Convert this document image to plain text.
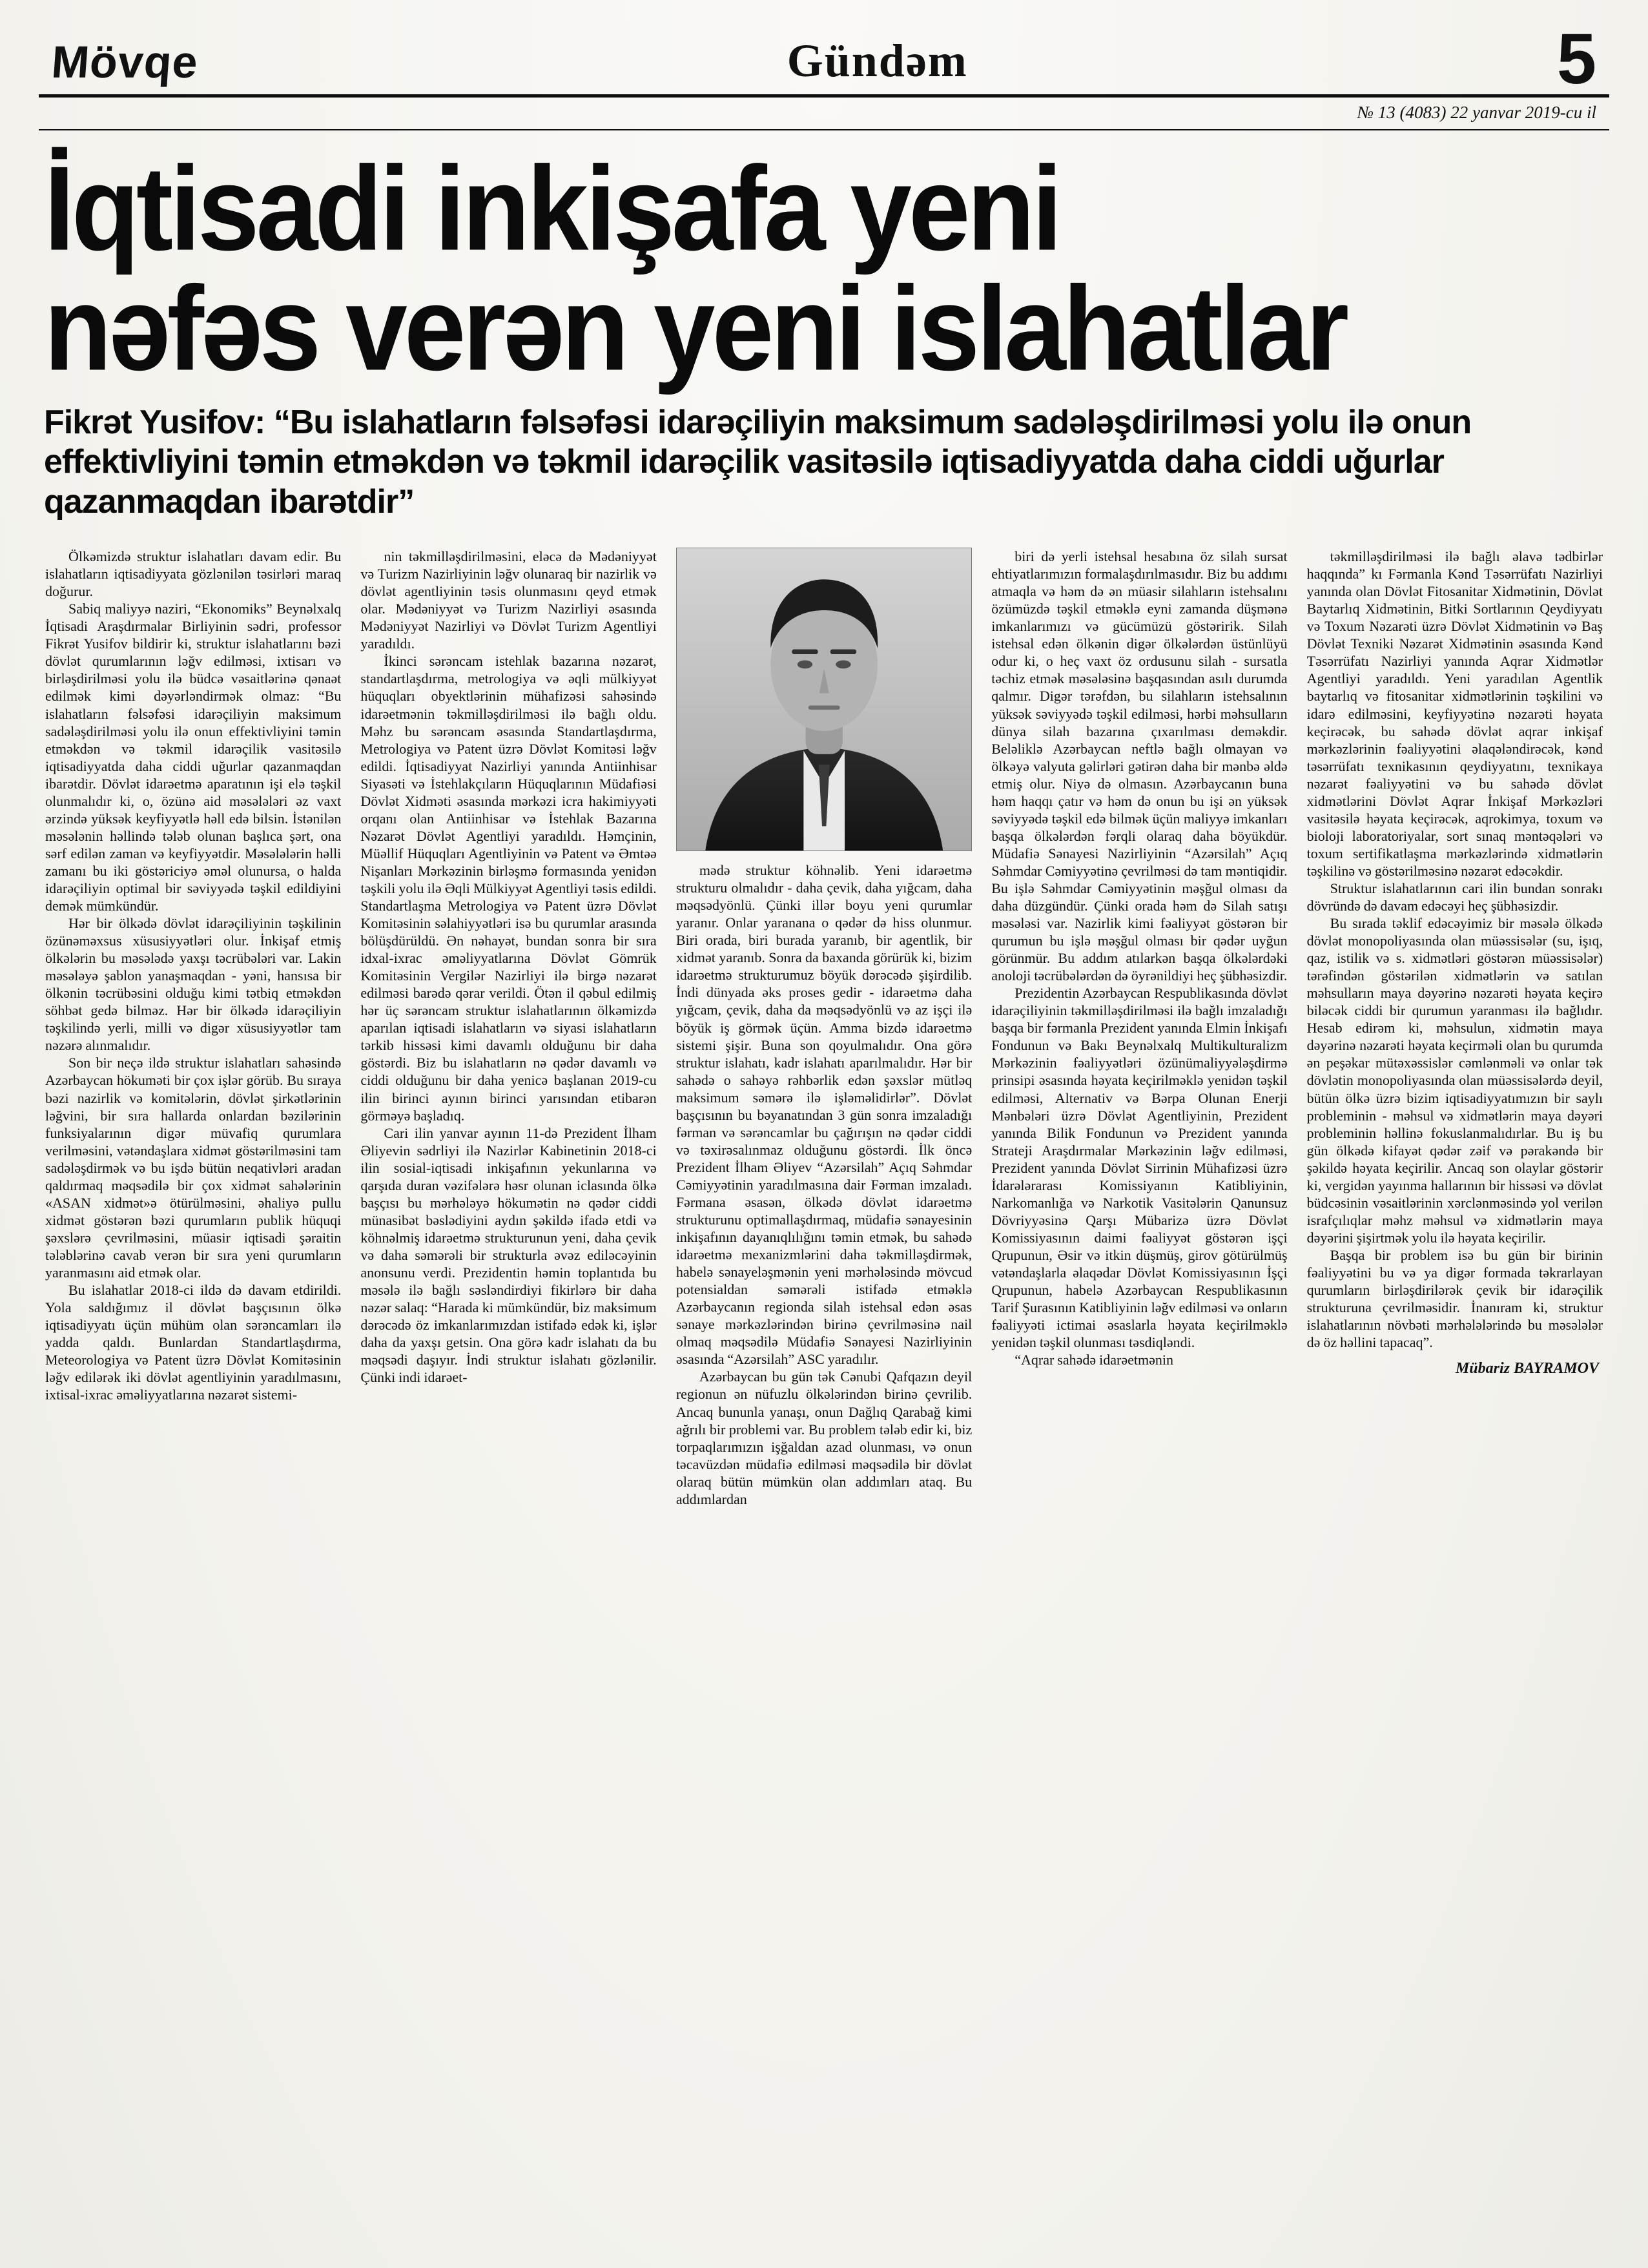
Mövqe	Gündəm	5
№ 13 (4083) 22 yanvar 2019-cu il
İqtisadi inkişafa yeni
nəfəs verən yeni islahatlar
Fikrət Yusifov: “Bu islahatların fəlsəfəsi idarəçiliyin maksimum sadələşdirilməsi yolu ilə onun effektivliyini təmin etməkdən və təkmil idarəçilik vasitəsilə iqtisadiyyatda daha ciddi uğurlar qazanmaqdan ibarətdir”

Ölkəmizdə struktur islahatları davam edir. Bu islahatların iqtisadiyyata gözlənilən təsirləri maraq doğurur.

Sabiq maliyyə naziri, “Ekonomiks” Beynəlxalq İqtisadi Araşdırmalar Birliyinin sədri, professor Fikrət Yusifov bildirir ki, struktur islahatlarını bəzi dövlət qurumlarının ləğv edilməsi, ixtisarı və birləşdirilməsi yolu ilə büdcə vəsaitlərinə qənaət edilmək kimi dəyərləndirmək olmaz: “Bu islahatların fəlsəfəsi idarəçiliyin maksimum sadələşdirilməsi yolu ilə onun effektivliyini təmin etməkdən və təkmil idarəçilik vasitəsilə iqtisadiyyatda daha ciddi uğurlar qazanmaqdan ibarətdir. Dövlət idarəetmə aparatının işi elə təşkil olunmalıdır ki, o, özünə aid məsələləri əz vaxt ərzində yüksək keyfiyyətlə həll edə bilsin. İstənilən məsələnin həllində tələb olunan başlıca şərt, ona sərf edilən zaman və keyfiyyətdir. Məsələlərin həlli zamanı bu iki göstəriciyə əməl olunursa, o halda idarəçiliyin optimal bir səviyyədə təşkil edildiyini demək mümkündür.

Hər bir ölkədə dövlət idarəçiliyinin təşkilinin özünəməxsus xüsusiyyətləri olur. İnkişaf etmiş ölkələrin bu məsələdə yaxşı təcrübələri var. Lakin məsələyə şablon yanaşmaqdan - yəni, hansısa bir ölkənin təcrübəsini olduğu kimi tətbiq etməkdən söhbət gedə bilməz. Hər bir ölkədə idarəçiliyin təşkilində yerli, milli və digər xüsusiyyətlər tam nəzərə alınmalıdır.

Son bir neçə ildə struktur islahatları sahəsində Azərbaycan hökuməti bir çox işlər görüb. Bu sıraya bəzi nazirlik və komitələrin, dövlət şirkətlərinin ləğvini, bir sıra hallarda onlardan bəzilərinin funksiyalarının digər müvafiq qurumlara verilməsini, vətəndaşlara xidmət göstərilməsini tam sadələşdirmək və bu işdə bütün neqativləri aradan qaldırmaq məqsədilə bir çox xidmət sahələrinin «ASAN xidmət»ə ötürülməsini, əhaliyə pullu xidmət göstərən bəzi qurumların publik hüquqi şəxslərə çevrilməsini, müasir iqtisadi şəraitin tələblərinə cavab verən bir sıra yeni qurumların yaranmasını aid etmək olar.

Bu islahatlar 2018-ci ildə də davam etdirildi. Yola saldığımız il dövlət başçısının ölkə iqtisadiyyatı üçün mühüm olan sərəncamları ilə yadda qaldı. Bunlardan Standartlaşdırma, Meteorologiya və Patent üzrə Dövlət Komitəsinin ləğv edilərək iki dövlət agentliyinin yaradılmasını, ixtisal-ixrac əməliyyatlarına nəzarət sistemi-

nin təkmilləşdirilməsini, eləcə də Mədəniyyət və Turizm Nazirliyinin ləğv olunaraq bir nazirlik və dövlət agentliyinin təsis olunmasını qeyd etmək olar. Mədəniyyət və Turizm Nazirliyi əsasında Mədəniyyət Nazirliyi və Dövlət Turizm Agentliyi yaradıldı.

İkinci sərəncam istehlak bazarına nəzarət, standartlaşdırma, metrologiya və əqli mülkiyyət hüquqları obyektlərinin mühafizəsi sahəsində idarəetmənin təkmilləşdirilməsi ilə bağlı oldu. Məhz bu sərəncam əsasında Standartlaşdırma, Metrologiya və Patent üzrə Dövlət Komitəsi ləğv edildi. İqtisadiyyat Nazirliyi yanında Antiinhisar Siyasəti və İstehlakçıların Hüquqlarının Müdafiəsi Dövlət Xidməti əsasında mərkəzi icra hakimiyyəti orqanı olan Antiinhisar və İstehlak Bazarına Nəzarət Dövlət Agentliyi yaradıldı. Həmçinin, Müəllif Hüquqları Agentliyinin və Patent və Əmtəə Nişanları Mərkəzinin birləşmə formasında yenidən təşkili yolu ilə Əqli Mülkiyyət Agentliyi təsis edildi. Standartlaşma Metrologiya və Patent üzrə Dövlət Komitəsinin səlahiyyətləri isə bu qurumlar arasında bölüşdürüldü. Ən nəhayət, bundan sonra bir sıra idxal-ixrac əməliyyatlarına Dövlət Gömrük Komitəsinin Vergilər Nazirliyi ilə birgə nəzarət edilməsi barədə qərar verildi. Ötən il qəbul edilmiş hər üç sərəncam struktur islahatlarının ölkəmizdə aparılan iqtisadi islahatların və siyasi islahatların tərkib hissəsi kimi davamlı olduğunu bir daha göstərdi. Biz bu islahatların nə qədər davamlı və ciddi olduğunu bir daha yenicə başlanan 2019-cu ilin birinci ayının birinci yarısından etibarən görməyə başladıq.

Cari ilin yanvar ayının 11-də Prezident İlham Əliyevin sədrliyi ilə Nazirlər Kabinetinin 2018-ci ilin sosial-iqtisadi inkişafının yekunlarına və qarşıda duran vəzifələrə həsr olunan iclasında ölkə başçısı bu mərhələyə hökumətin nə qədər ciddi münasibət bəslədiyini aydın şəkildə ifadə etdi və köhnəlmiş idarəetmə strukturunun yeni, daha çevik və daha səmərəli bir strukturla əvəz ediləcəyinin anonsunu verdi. Prezidentin həmin toplantıda bu məsələ ilə bağlı səsləndirdiyi fikirlərə bir daha nəzər salaq: “Harada ki mümkündür, biz maksimum dərəcədə öz imkanlarımızdan istifadə edək ki, işlər daha da yaxşı getsin. Ona görə kadr islahatı da bu məqsədi daşıyır. İndi struktur islahatı gözlənilir. Çünki indi idarəet-

mədə struktur köhnəlib. Yeni idarəetmə strukturu olmalıdır - daha çevik, daha yığcam, daha məqsədyönlü. Çünki illər boyu yeni qurumlar yaranır. Onlar yaranana o qədər də hiss olunmur. Biri orada, biri burada yaranıb, bir agentlik, bir xidmət yaranıb. Sonra da baxanda görürük ki, bizim idarəetmə strukturumuz böyük dərəcədə şişirdilib. İndi dünyada əks proses gedir - idarəetmə daha yığcam, çevik, daha da məqsədyönlü və az işçi ilə böyük iş görmək üçün. Amma bizdə idarəetmə sistemi şişir. Buna son qoyulmalıdır. Ona görə struktur islahatı, kadr islahatı aparılmalıdır. Hər bir sahədə o sahəyə rəhbərlik edən şəxslər mütləq maksimum səmərə ilə işləməlidirlər”. Dövlət başçısının bu bəyanatından 3 gün sonra imzaladığı fərman və sərəncamlar bu çağırışın nə qədər ciddi və təxirəsalınmaz olduğunu göstərdi. İlk öncə Prezident İlham Əliyev “Azərsilah” Açıq Səhmdar Cəmiyyətinin yaradılmasına dair Fərman imzaladı. Fərmana əsasən, ölkədə dövlət idarəetmə strukturunu optimallaşdırmaq, müdafiə sənayesinin inkişafının dayanıqlılığını təmin etmək, bu sahədə idarəetmə mexanizmlərini daha təkmilləşdirmək, habelə sənayeləşmənin yeni mərhələsində mövcud potensialdan səmərəli istifadə etməklə Azərbaycanın regionda silah istehsal edən əsas sənaye mərkəzlərindən birinə çevrilməsinə nail olmaq məqsədilə Müdafiə Sənayesi Nazirliyinin əsasında “Azərsilah” ASC yaradılır.

Azərbaycan bu gün tək Cənubi Qafqazın deyil regionun ən nüfuzlu ölkələrindən birinə çevrilib. Ancaq bununla yanaşı, onun Dağlıq Qarabağ kimi ağrılı bir problemi var. Bu problem tələb edir ki, biz torpaqlarımızın işğaldan azad olunması, və onun təcavüzdən müdafiə edilməsi məqsədilə bir dövlət olaraq bütün mümkün olan addımları ataq. Bu addımlardan

biri də yerli istehsal hesabına öz silah sursat ehtiyatlarımızın formalaşdırılmasıdır. Biz bu addımı atmaqla və həm də ən müasir silahların istehsalını özümüzdə təşkil etməklə eyni zamanda düşmənə imkanlarımızı və gücümüzü göstəririk. Silah istehsal edən ölkənin digər ölkələrdən üstünlüyü odur ki, o heç vaxt öz ordusunu silah - sursatla təchiz etmək məsələsinə başqasından asılı durumda qalmır. Digər tərəfdən, bu silahların istehsalının yüksək səviyyədə təşkil edilməsi, hərbi məhsulların dünya silah bazarına çıxarılması deməkdir. Beləliklə Azərbaycan neftlə bağlı olmayan və ölkəyə valyuta gəlirləri gətirən daha bir mənbə əldə etmiş olur. Niyə də olmasın. Azərbaycanın buna həm haqqı çatır və həm də onun bu işi ən yüksək səviyyədə təşkil edə bilmək üçün maliyyə imkanları başqa ölkələrdən fərqli olaraq daha böyükdür. Müdafiə Sənayesi Nazirliyinin “Azərsilah” Açıq Səhmdar Cəmiyyətinə çevrilməsi də tam məntiqidir. Bu işlə Səhmdar Cəmiyyətinin məşğul olması da daha düzgündür. Çünki orada həm də Silah satışı məsələsi var. Nazirlik kimi fəaliyyət göstərən bir qurumun bu işlə məşğul olması bir qədər uyğun görünmür. Bu addım atılarkən başqa ölkələrdəki anoloji təcrübələrdən də öyrənildiyi heç şübhəsizdir.

Prezidentin Azərbaycan Respublikasında dövlət idarəçiliyinin təkmilləşdirilməsi ilə bağlı imzaladığı başqa bir fərmanla Prezident yanında Elmin İnkişafı Fondunun və Bakı Beynəlxalq Multikulturalizm Mərkəzinin fəaliyyətləri özünümaliyyələşdirmə prinsipi əsasında həyata keçirilməklə yenidən təşkil edilməsi, Alternativ və Bərpa Olunan Enerji Mənbələri üzrə Dövlət Agentliyinin, Prezident yanında Bilik Fondunun və Prezident yanında Strateji Araşdırmalar Mərkəzinin ləğv edilməsi, Prezident yanında Dövlət Sirrinin Mühafizəsi üzrə İdarələrarası Komissiyanın Katibliyinin, Narkomanlığa və Narkotik Vasitələrin Qanunsuz Dövriyyəsinə Qarşı Mübarizə üzrə Dövlət Komissiyasının daimi fəaliyyət göstərən işçi Qrupunun, Əsir və itkin düşmüş, girov götürülmüş vətəndaşlarla əlaqədar Dövlət Komissiyasının İşçi Qrupunun, habelə Azərbaycan Respublikasının Tarif Şurasının Katibliyinin ləğv edilməsi və onların fəaliyyəti ictimai əsaslarla həyata keçirilməklə yenidən təşkil olunması təsdiqləndi.

“Aqrar sahədə idarəetmənin

təkmilləşdirilməsi ilə bağlı əlavə tədbirlər haqqında” kı Fərmanla Kənd Təsərrüfatı Nazirliyi yanında olan Dövlət Fitosanitar Xidmətinin, Dövlət Baytarlıq Xidmətinin, Bitki Sortlarının Qeydiyyatı və Toxum Nəzarəti üzrə Dövlət Xidmətinin və Baş Dövlət Texniki Nəzarət Xidmətinin əsasında Kənd Təsərrüfatı Nazirliyi yanında Aqrar Xidmətlər Agentliyi yaradıldı. Yeni yaradılan Agentlik baytarlıq və fitosanitar xidmətlərinin təşkilini və idarə edilməsini, keyfiyyətinə nəzarəti həyata keçirəcək, bu sahədə dövlət aqrar inkişaf mərkəzlərinin fəaliyyətini əlaqələndirəcək, kənd təsərrüfatı texnikasının qeydiyyatını, texnikaya nəzarət fəaliyyətini və bu sahədə dövlət xidmətlərini Dövlət Aqrar İnkişaf Mərkəzləri vasitəsilə həyata keçirəcək, aqrokimya, toxum və bioloji laboratoriyalar, sort sınaq məntəqələri və toxum sertifikatlaşma mərkəzlərində xidmətlərin təşkilinə və göstərilməsinə nəzarət edəcəkdir.

Struktur islahatlarının cari ilin bundan sonrakı dövründə də davam edəcəyi heç şübhəsizdir.

Bu sırada təklif edəcəyimiz bir məsələ ölkədə dövlət monopoliyasında olan müəssisələr (su, işıq, qaz, istilik və s. xidmətləri göstərən müəssisələr) tərəfindən göstərilən xidmətlərin və satılan məhsulların maya dəyərinə nəzarəti həyata keçirə biləcək ciddi bir qurumun yaranması ilə bağlıdır. Hesab edirəm ki, məhsulun, xidmətin maya dəyərinə nəzarəti həyata keçirməli olan bu qurumda ən peşəkar mütəxəssislər cəmlənməli və onlar tək dövlətin monopoliyasında olan müəssisələrdə deyil, bütün ölkə üzrə bizim iqtisadiyyatımızın bir saylı probleminin - məhsul və xidmətlərin maya dəyəri probleminin həllinə fokuslanmalıdırlar. Bu iş bu gün ölkədə kifayət qədər zəif və pərakəndə bir şəkildə həyata keçirilir. Ancaq son olaylar göstərir ki, vergidən yayınma hallarının bir hissəsi və dövlət büdcəsinin vəsaitlərinin xərclənməsində yol verilən israfçılıqlar məhz məhsul və xidmətlərin maya dəyərini şişirtmək yolu ilə həyata keçirilir.

Başqa bir problem isə bu gün bir birinin fəaliyyətini bu və ya digər formada təkrarlayan qurumların birləşdirilərək çevik bir idarəçilik strukturuna çevrilməsidir. İnanıram ki, struktur islahatlarının növbəti mərhələlərində bu məsələlər də öz həllini tapacaq”.

Mübariz BAYRAMOV
